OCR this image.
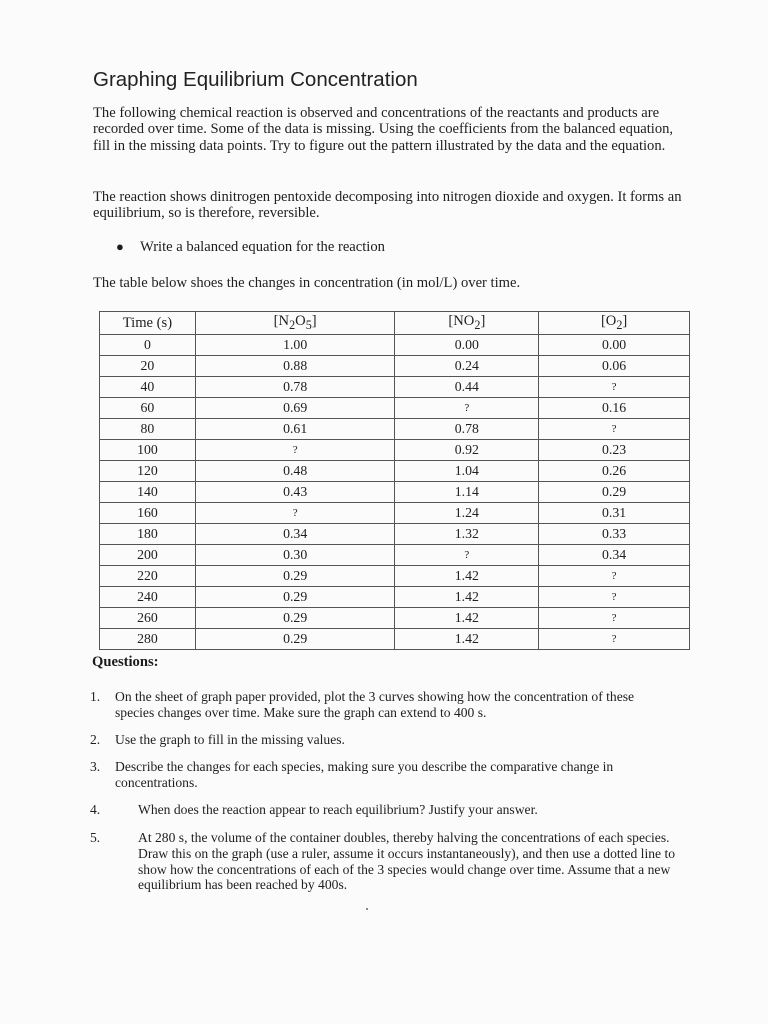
Graphing Equilibrium Concentration

The following chemical reaction is observed and concentrations of the reactants and products are recorded over time. Some of the data is missing. Using the coefficients from the balanced equation, fill in the missing data points. Try to figure out the pattern illustrated by the data and the equation.

The reaction shows dinitrogen pentoxide decomposing into nitrogen dioxide and oxygen. It forms an equilibrium, so is therefore, reversible.

● Write a balanced equation for the reaction

The table below shoes the changes in concentration (in mol/L) over time.

Time (s)	$[N_2O_5]$	$[NO_2]$	$[O_2]$
0	1.00	0.00	0.00
20	0.88	0.24	0.06
40	0.78	0.44	?
60	0.69	?	0.16
80	0.61	0.78	?
100	?	0.92	0.23
120	0.48	1.04	0.26
140	0.43	1.14	0.29
160	?	1.24	0.31
180	0.34	1.32	0.33
200	0.30	?	0.34
220	0.29	1.42	?
240	0.29	1.42	?
260	0.29	1.42	?
280	0.29	1.42	?
Questions:
1. On the sheet of graph paper provided, plot the 3 curves showing how the concentration of these species changes over time. Make sure the graph can extend to 400 s.
2. Use the graph to fill in the missing values.
3. Describe the changes for each species, making sure you describe the comparative change in concentrations.
4.	When does the reaction appear to reach equilibrium? Justify your answer.
5.	At 280 s, the volume of the container doubles, thereby halving the concentrations of each species. Draw this on the graph (use a ruler, assume it occurs instantaneously), and then use a dotted line to show how the concentrations of each of the 3 species would change over time. Assume that a new equilibrium has been reached by 400s.
